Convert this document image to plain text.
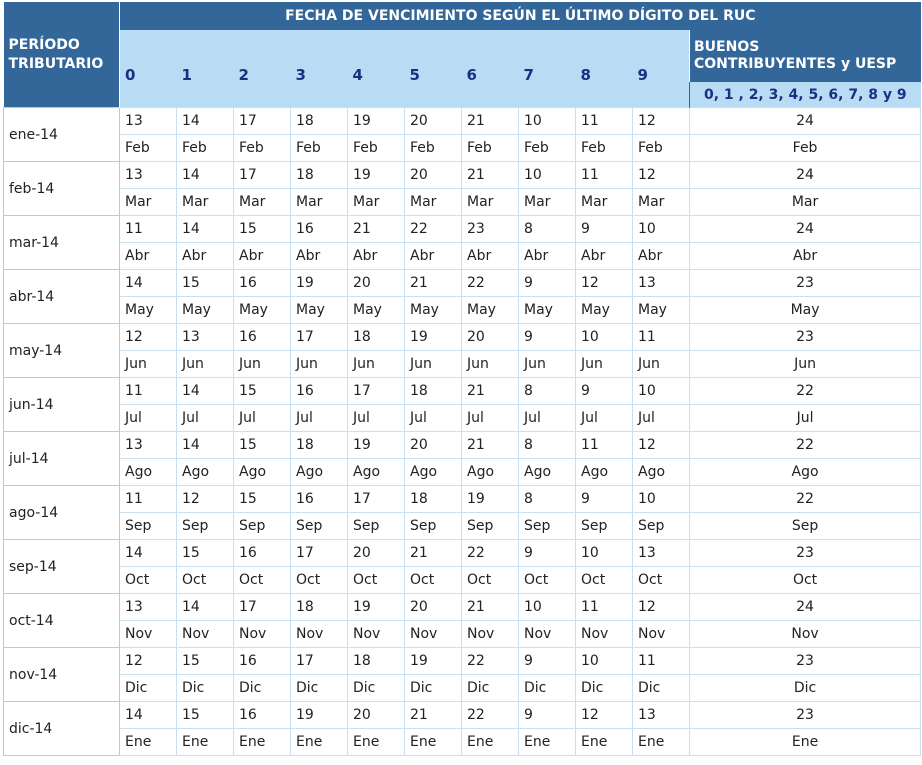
PERÍODO
TRIBUTARIO	FECHA DE VENCIMIENTO SEGÚN EL ÚLTIMO DÍGITO DEL RUC										
	0	1	2	3	4	5	6	7	8	9	BUENOS
CONTRIBUYENTES y UESP
											0, 1 , 2, 3, 4, 5, 6, 7, 8 y 9
ene-14	13	14	17	18	19	20	21	10	11	12	24
	Feb	Feb	Feb	Feb	Feb	Feb	Feb	Feb	Feb	Feb	Feb
feb-14	13	14	17	18	19	20	21	10	11	12	24
	Mar	Mar	Mar	Mar	Mar	Mar	Mar	Mar	Mar	Mar	Mar
mar-14	11	14	15	16	21	22	23	8	9	10	24
	Abr	Abr	Abr	Abr	Abr	Abr	Abr	Abr	Abr	Abr	Abr
abr-14	14	15	16	19	20	21	22	9	12	13	23
	May	May	May	May	May	May	May	May	May	May	May
may-14	12	13	16	17	18	19	20	9	10	11	23
	Jun	Jun	Jun	Jun	Jun	Jun	Jun	Jun	Jun	Jun	Jun
jun-14	11	14	15	16	17	18	21	8	9	10	22
	Jul	Jul	Jul	Jul	Jul	Jul	Jul	Jul	Jul	Jul	Jul
jul-14	13	14	15	18	19	20	21	8	11	12	22
	Ago	Ago	Ago	Ago	Ago	Ago	Ago	Ago	Ago	Ago	Ago
ago-14	11	12	15	16	17	18	19	8	9	10	22
	Sep	Sep	Sep	Sep	Sep	Sep	Sep	Sep	Sep	Sep	Sep
sep-14	14	15	16	17	20	21	22	9	10	13	23
	Oct	Oct	Oct	Oct	Oct	Oct	Oct	Oct	Oct	Oct	Oct
oct-14	13	14	17	18	19	20	21	10	11	12	24
	Nov	Nov	Nov	Nov	Nov	Nov	Nov	Nov	Nov	Nov	Nov
nov-14	12	15	16	17	18	19	22	9	10	11	23
	Dic	Dic	Dic	Dic	Dic	Dic	Dic	Dic	Dic	Dic	Dic
dic-14	14	15	16	19	20	21	22	9	12	13	23
	Ene	Ene	Ene	Ene	Ene	Ene	Ene	Ene	Ene	Ene	Ene
